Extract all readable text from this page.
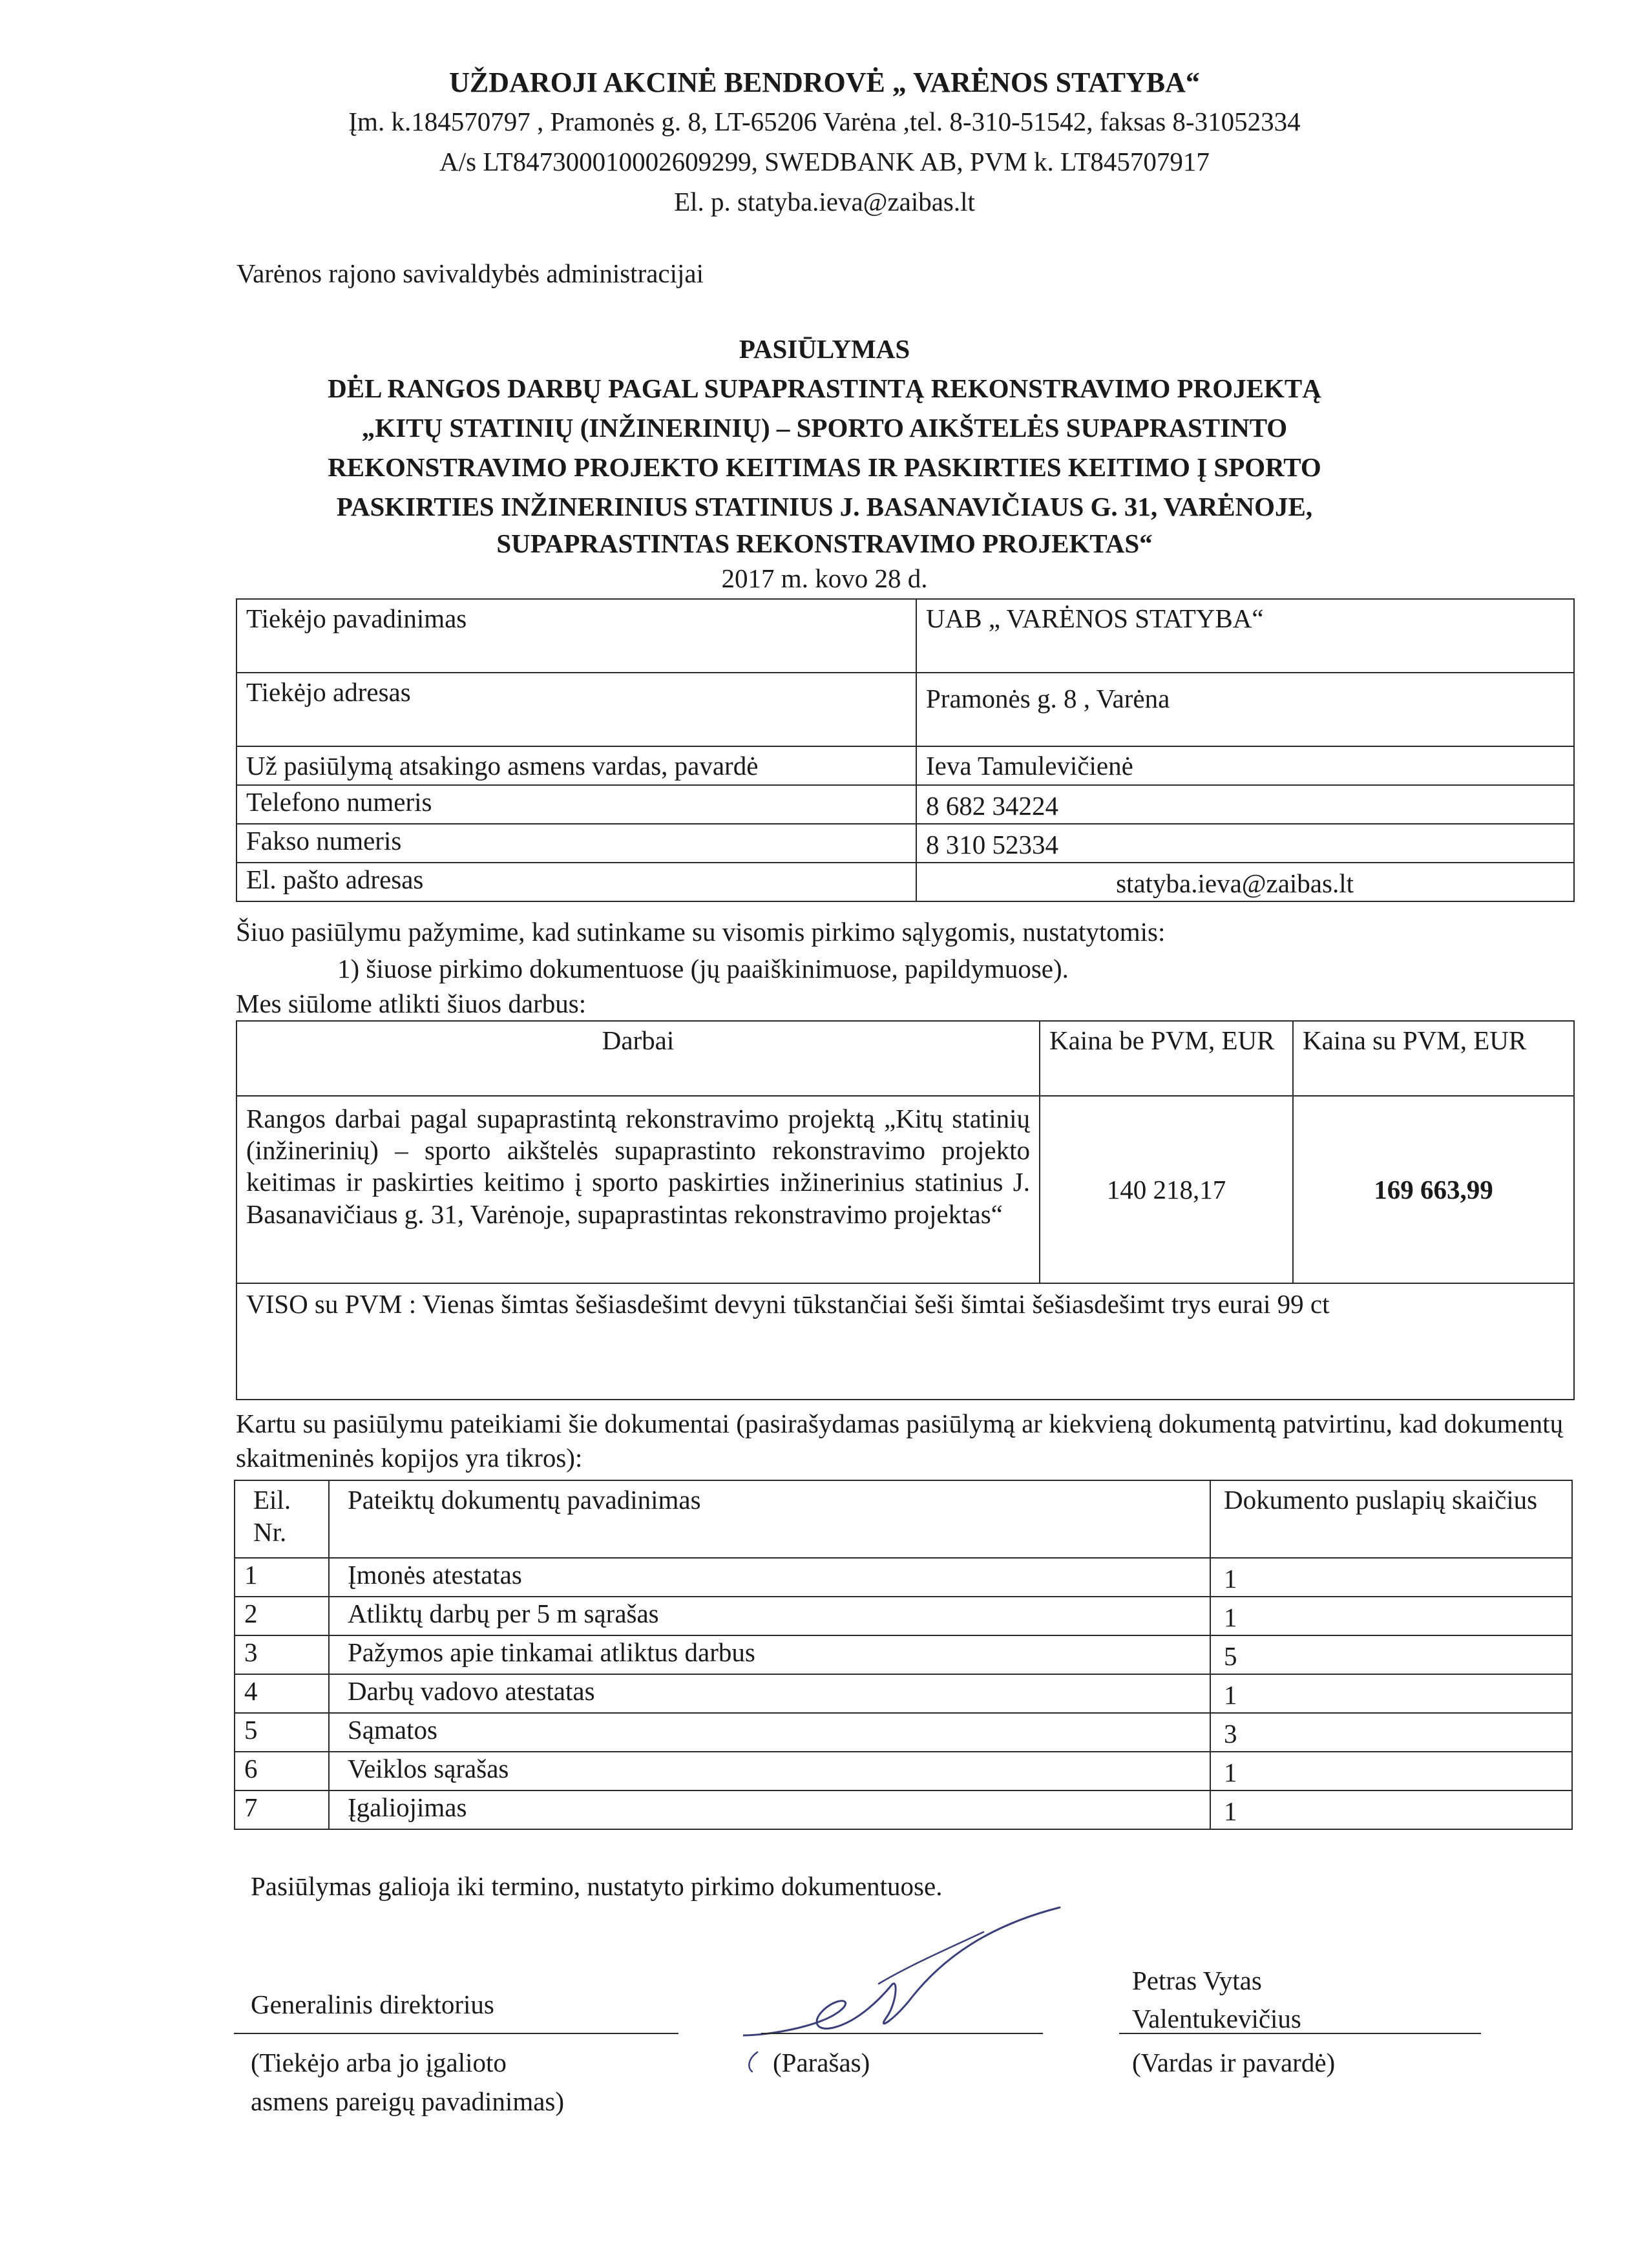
UŽDAROJI AKCINĖ BENDROVĖ „ VARĖNOS STATYBA“
Įm. k.184570797 , Pramonės g. 8, LT-65206 Varėna ,tel. 8-310-51542, faksas 8-31052334
A/s LT847300010002609299, SWEDBANK AB, PVM k. LT845707917
El. p. statyba.ieva@zaibas.lt
Varėnos rajono savivaldybės administracijai
PASIŪLYMAS
DĖL RANGOS DARBŲ PAGAL SUPAPRASTINTĄ REKONSTRAVIMO PROJEKTĄ
„KITŲ STATINIŲ (INŽINERINIŲ) – SPORTO AIKŠTELĖS SUPAPRASTINTO
REKONSTRAVIMO PROJEKTO KEITIMAS IR PASKIRTIES KEITIMO Į SPORTO
PASKIRTIES INŽINERINIUS STATINIUS J. BASANAVIČIAUS G. 31, VARĖNOJE,
SUPAPRASTINTAS REKONSTRAVIMO PROJEKTAS“
2017 m. kovo 28 d.
Tiekėjo pavadinimas	UAB „ VARĖNOS STATYBA“
Tiekėjo adresas	Pramonės g. 8 , Varėna
Už pasiūlymą atsakingo asmens vardas, pavardė	Ieva Tamulevičienė
Telefono numeris	8 682 34224
Fakso numeris	8 310 52334
El. pašto adresas	statyba.ieva@zaibas.lt
Šiuo pasiūlymu pažymime, kad sutinkame su visomis pirkimo sąlygomis, nustatytomis:
1) šiuose pirkimo dokumentuose (jų paaiškinimuose, papildymuose).
Mes siūlome atlikti šiuos darbus:
Darbai	Kaina be PVM, EUR	Kaina su PVM, EUR
Rangos darbai pagal supaprastintą rekonstravimo projektą „Kitų statinių (inžinerinių) – sporto aikštelės supaprastinto rekonstravimo projekto keitimas ir paskirties keitimo į sporto paskirties inžinerinius statinius J. Basanavičiaus g. 31, Varėnoje, supaprastintas rekonstravimo projektas“	140 218,17	169 663,99
VISO su PVM : Vienas šimtas šešiasdešimt devyni tūkstančiai šeši šimtai šešiasdešimt trys eurai 99 ct		
Kartu su pasiūlymu pateikiami šie dokumentai (pasirašydamas pasiūlymą ar kiekvieną dokumentą patvirtinu, kad dokumentų skaitmeninės kopijos yra tikros):
Eil. Nr.	Pateiktų dokumentų pavadinimas	Dokumento puslapių skaičius
1	Įmonės atestatas	1
2	Atliktų darbų per 5 m sąrašas	1
3	Pažymos apie tinkamai atliktus darbus	5
4	Darbų vadovo atestatas	1
5	Sąmatos	3
6	Veiklos sąrašas	1
7	Įgaliojimas	1
Pasiūlymas galioja iki termino, nustatyto pirkimo dokumentuose.
Generalinis direktorius
(Tiekėjo arba jo įgalioto
asmens pareigų pavadinimas)
(Parašas)
Petras Vytas
Valentukevičius
(Vardas ir pavardė)
